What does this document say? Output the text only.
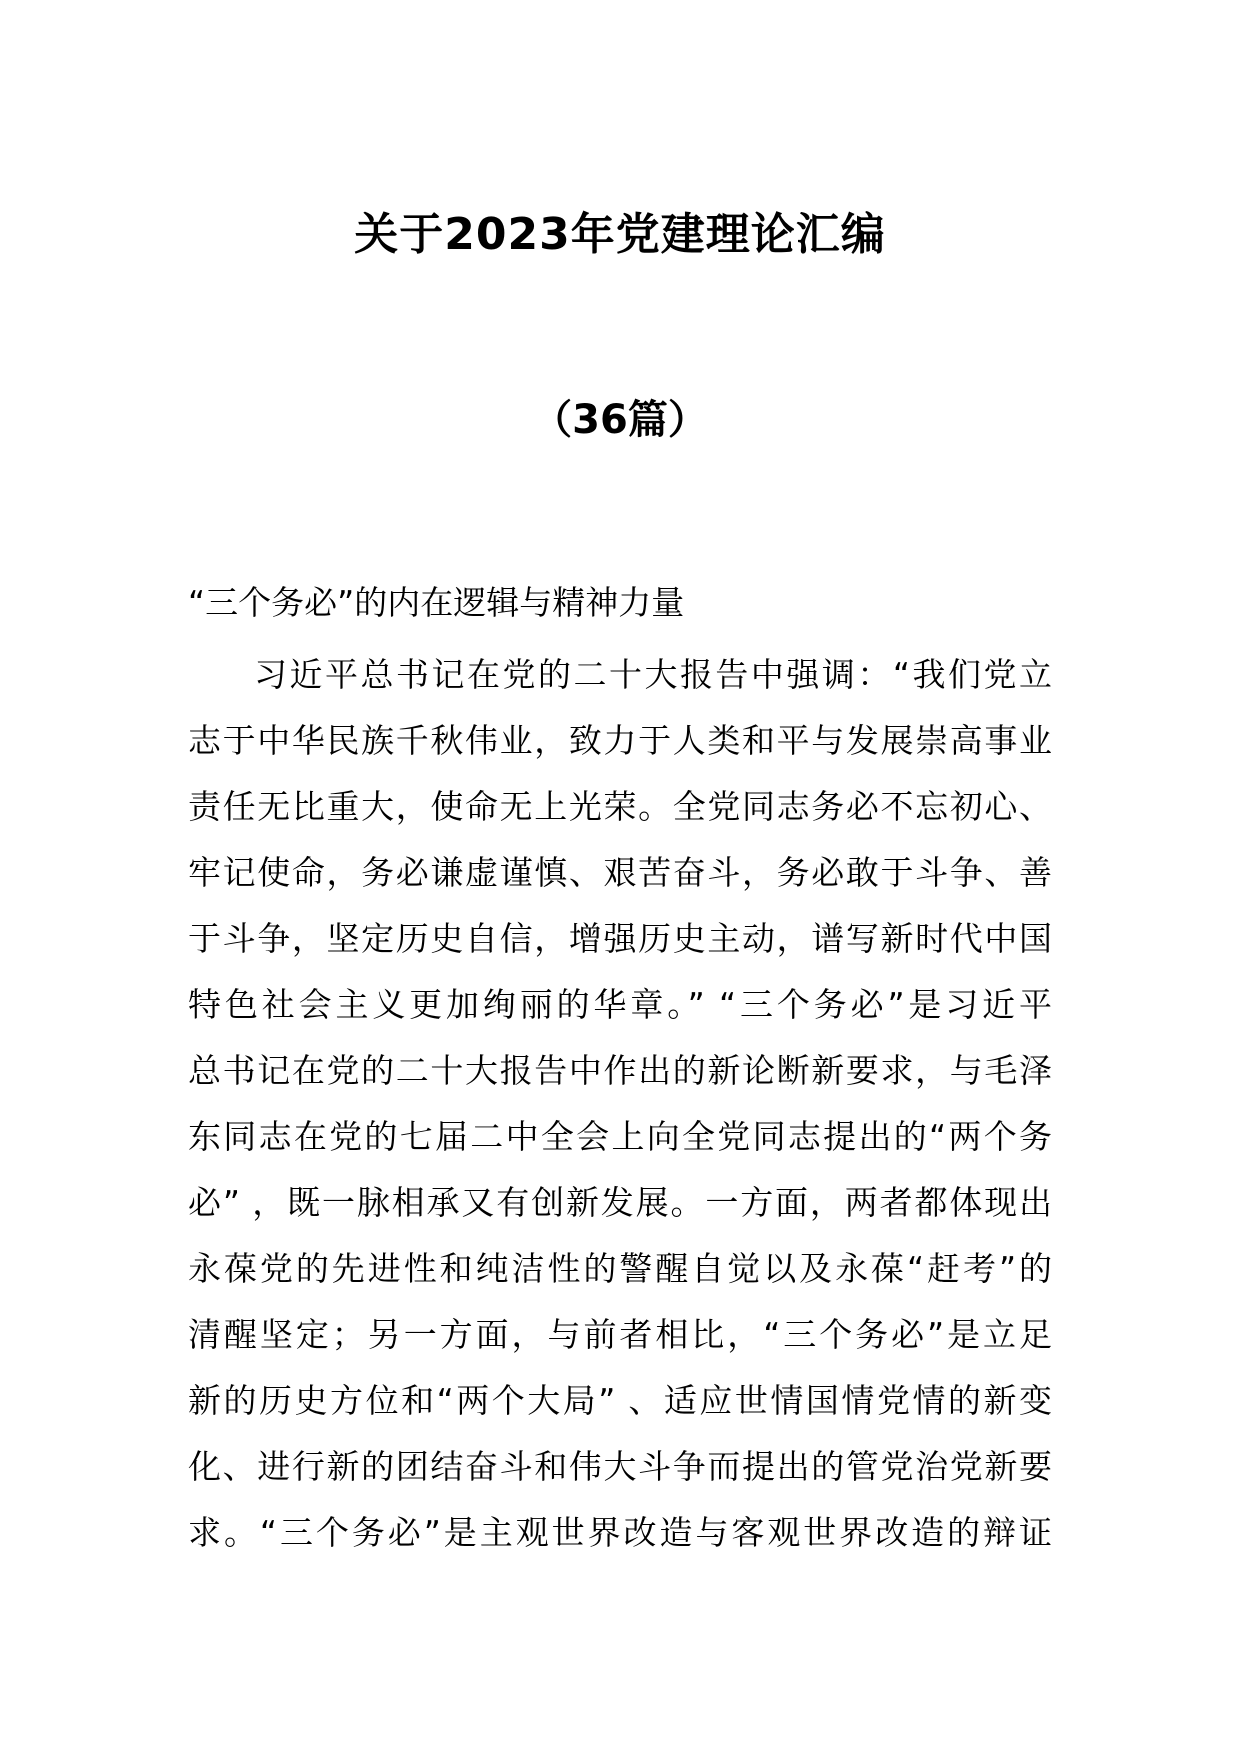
关于2023年党建理论汇编
（36篇）
“三个务必”的内在逻辑与精神力量
习近平总书记在党的二十大报告中强调：“我们党立
志于中华民族千秋伟业，致力于人类和平与发展崇高事业
责任无比重大，使命无上光荣。全党同志务必不忘初心、
牢记使命，务必谦虚谨慎、艰苦奋斗，务必敢于斗争、善
于斗争，坚定历史自信，增强历史主动，谱写新时代中国
特色社会主义更加绚丽的华章。” “三个务必”是习近平
总书记在党的二十大报告中作出的新论断新要求，与毛泽
东同志在党的七届二中全会上向全党同志提出的“两个务
必” ，既一脉相承又有创新发展。一方面，两者都体现出
永葆党的先进性和纯洁性的警醒自觉以及永葆“赶考”的
清醒坚定；另一方面，与前者相比，“三个务必”是立足
新的历史方位和“两个大局” 、适应世情国情党情的新变
化、进行新的团结奋斗和伟大斗争而提出的管党治党新要
求。“三个务必”是主观世界改造与客观世界改造的辩证
